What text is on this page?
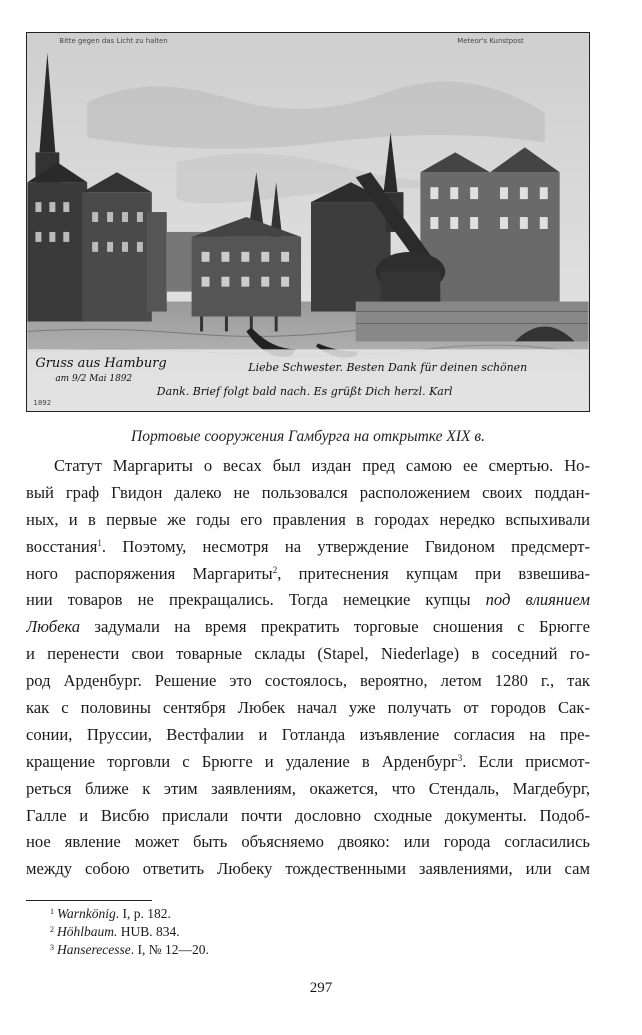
Bitte gegen das Licht zu halten	Meteor's Kunstpost
Gruss aus Hamburg
am 9/2 Mai 1892
Liebe Schwester. Besten Dank für deinen schönen
Dank. Brief folgt bald nach. Es grüßt Dich herzl. Karl
1892
Портовые сооружения Гамбурга на открытке XIX в.
Статут Маргариты о весах был издан пред самою ее смертью. Но-
вый граф Гвидон далеко не пользовался расположением своих поддан-
ных, и в первые же годы его правления в городах нередко вспыхивали
восстания$^1$. Поэтому, несмотря на утверждение Гвидоном предсмерт-
ного распоряжения Маргариты$^2$, притеснения купцам при взвешива-
нии товаров не прекращались. Тогда немецкие купцы под влиянием
Любека задумали на время прекратить торговые сношения с Брюгге
и перенести свои товарные склады (Stapel, Niederlage) в соседний го-
род Арденбург. Решение это состоялось, вероятно, летом 1280 г., так
как с половины сентября Любек начал уже получать от городов Сак-
сонии, Пруссии, Вестфалии и Готланда изъявление согласия на пре-
кращение торговли с Брюгге и удаление в Арденбург$^3$. Если присмот-
реться ближе к этим заявлениям, окажется, что Стендаль, Магдебург,
Галле и Висбю прислали почти дословно сходные документы. Подоб-
ное явление может быть объясняемо двояко: или города согласились
между собою ответить Любеку тождественными заявлениями, или сам
$^1$ Warnkönig. I, p. 182.
$^2$ Höhlbaum. HUB. 834.
$^3$ Hanserecesse. I, № 12—20.
297
